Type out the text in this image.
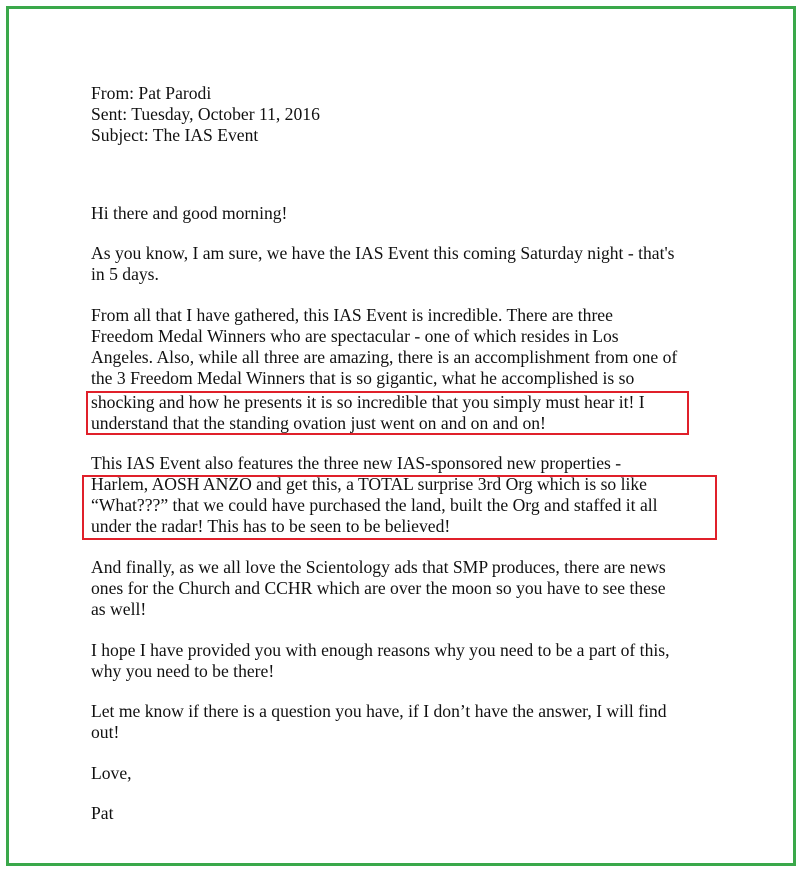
From: Pat Parodi
Sent: Tuesday, October 11, 2016
Subject: The IAS Event
Hi there and good morning!
As you know, I am sure, we have the IAS Event this coming Saturday night - that's
in 5 days.
From all that I have gathered, this IAS Event is incredible. There are three
Freedom Medal Winners who are spectacular - one of which resides in Los
Angeles. Also, while all three are amazing, there is an accomplishment from one of
the 3 Freedom Medal Winners that is so gigantic, what he accomplished is so
shocking and how he presents it is so incredible that you simply must hear it! I
understand that the standing ovation just went on and on and on!
This IAS Event also features the three new IAS-sponsored new properties -
Harlem, AOSH ANZO and get this, a TOTAL surprise 3rd Org which is so like
“What???” that we could have purchased the land, built the Org and staffed it all
under the radar! This has to be seen to be believed!
And finally, as we all love the Scientology ads that SMP produces, there are news
ones for the Church and CCHR which are over the moon so you have to see these
as well!
I hope I have provided you with enough reasons why you need to be a part of this,
why you need to be there!
Let me know if there is a question you have, if I don’t have the answer, I will find
out!
Love,
Pat
